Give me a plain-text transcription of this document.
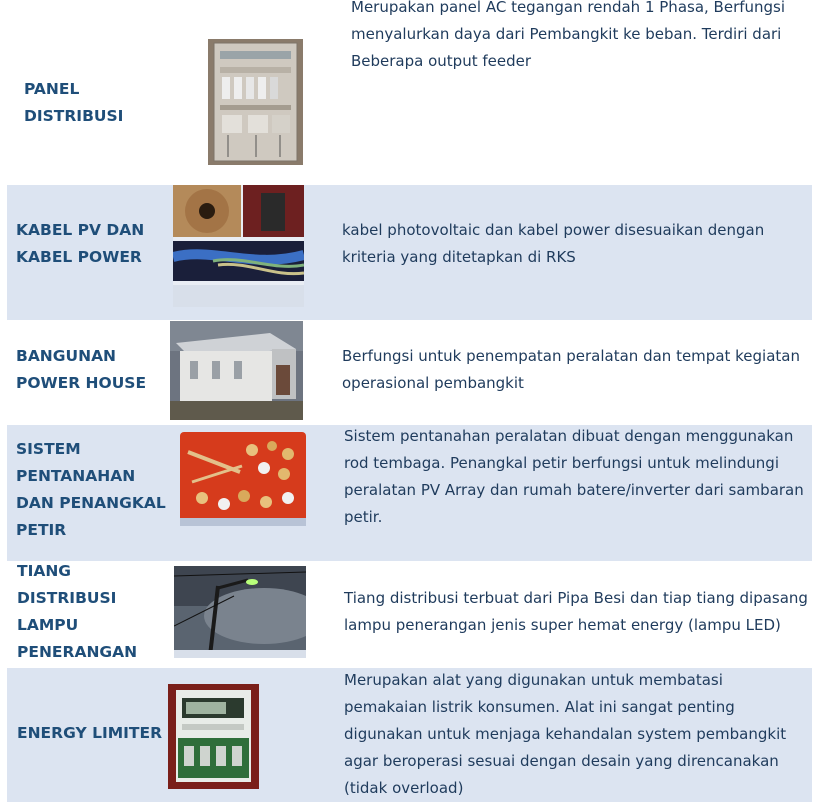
PANEL
DISTRIBUSI
Merupakan panel AC tegangan rendah 1 Phasa, Berfungsi
menyalurkan daya dari Pembangkit ke beban. Terdiri dari
Beberapa output feeder
KABEL PV DAN
KABEL POWER
kabel photovoltaic dan kabel power disesuaikan dengan
kriteria yang ditetapkan di RKS
BANGUNAN
POWER HOUSE
Berfungsi untuk penempatan peralatan dan tempat kegiatan
operasional pembangkit
SISTEM
PENTANAHAN
DAN PENANGKAL
PETIR
Sistem pentanahan peralatan dibuat dengan menggunakan
rod tembaga. Penangkal petir berfungsi untuk melindungi
peralatan PV Array dan rumah batere/inverter dari sambaran
petir.
TIANG
DISTRIBUSI
LAMPU
PENERANGAN
Tiang distribusi terbuat dari Pipa Besi dan tiap tiang dipasang
lampu penerangan jenis super hemat energy (lampu LED)
ENERGY LIMITER
Merupakan alat yang digunakan untuk membatasi
pemakaian listrik konsumen. Alat ini sangat penting
digunakan untuk menjaga kehandalan system pembangkit
agar beroperasi sesuai dengan desain yang direncanakan
(tidak overload)
